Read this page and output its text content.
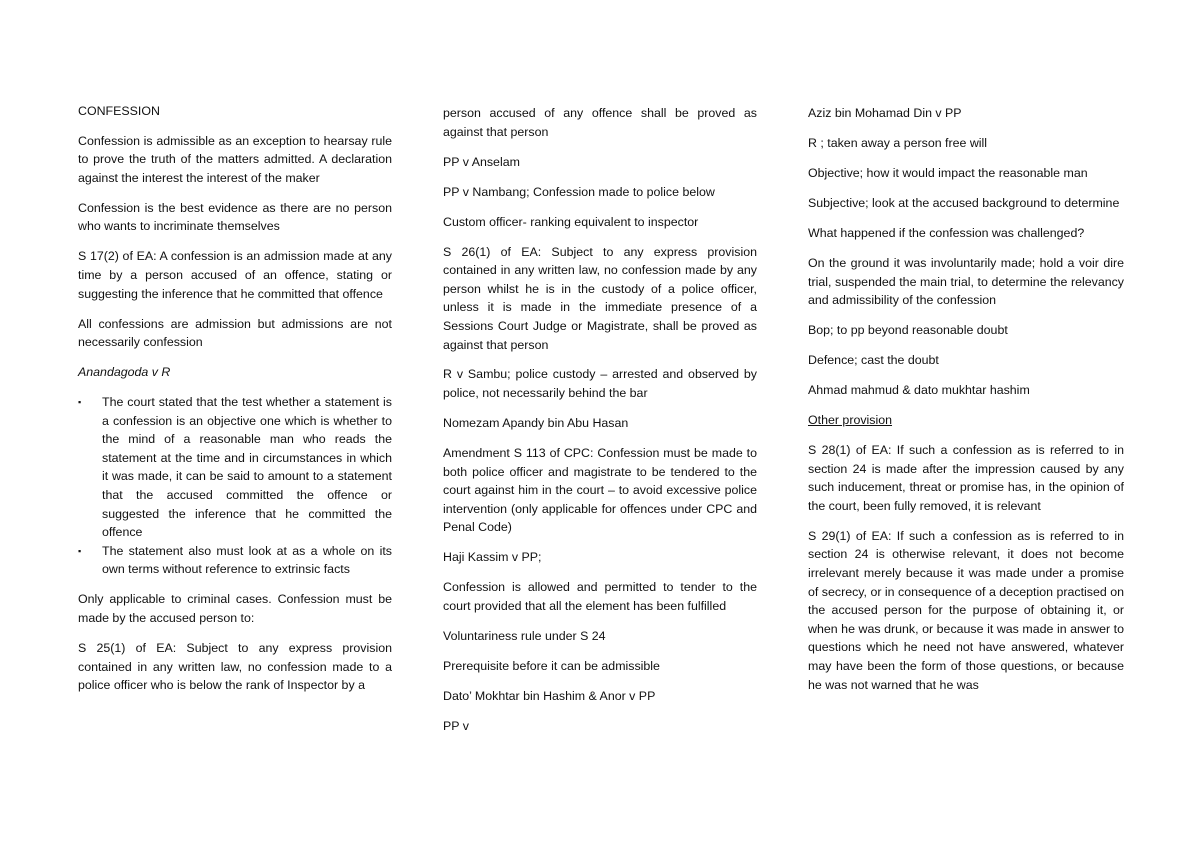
CONFESSION

Confession is admissible as an exception to hearsay rule to prove the truth of the matters admitted. A declaration against the interest the interest of the maker

Confession is the best evidence as there are no person who wants to incriminate themselves

S 17(2) of EA: A confession is an admission made at any time by a person accused of an offence, stating or suggesting the inference that he committed that offence

All confessions are admission but admissions are not necessarily confession

Anandagoda v R

▪ The court stated that the test whether a statement is a confession is an objective one which is whether to the mind of a reasonable man who reads the statement at the time and in circumstances in which it was made, it can be said to amount to a statement that the accused committed the offence or suggested the inference that he committed the offence
▪ The statement also must look at as a whole on its own terms without reference to extrinsic facts

Only applicable to criminal cases. Confession must be made by the accused person to:

S 25(1) of EA: Subject to any express provision contained in any written law, no confession made to a police officer who is below the rank of Inspector by a

person accused of any offence shall be proved as against that person

PP v Anselam

PP v Nambang; Confession made to police below

Custom officer- ranking equivalent to inspector

S 26(1) of EA: Subject to any express provision contained in any written law, no confession made by any person whilst he is in the custody of a police officer, unless it is made in the immediate presence of a Sessions Court Judge or Magistrate, shall be proved as against that person

R v Sambu; police custody – arrested and observed by police, not necessarily behind the bar

Nomezam Apandy bin Abu Hasan

Amendment S 113 of CPC: Confession must be made to both police officer and magistrate to be tendered to the court against him in the court – to avoid excessive police intervention (only applicable for offences under CPC and Penal Code)

Haji Kassim v PP;

Confession is allowed and permitted to tender to the court provided that all the element has been fulfilled

Voluntariness rule under S 24

Prerequisite before it can be admissible

Dato’ Mokhtar bin Hashim & Anor v PP

PP v

Aziz bin Mohamad Din v PP

R ; taken away a person free will

Objective; how it would impact the reasonable man

Subjective; look at the accused background to determine

What happened if the confession was challenged?

On the ground it was involuntarily made; hold a voir dire trial, suspended the main trial, to determine the relevancy and admissibility of the confession

Bop; to pp beyond reasonable doubt

Defence; cast the doubt

Ahmad mahmud & dato mukhtar hashim

Other provision

S 28(1) of EA: If such a confession as is referred to in section 24 is made after the impression caused by any such inducement, threat or promise has, in the opinion of the court, been fully removed, it is relevant

S 29(1) of EA: If such a confession as is referred to in section 24 is otherwise relevant, it does not become irrelevant merely because it was made under a promise of secrecy, or in consequence of a deception practised on the accused person for the purpose of obtaining it, or when he was drunk, or because it was made in answer to questions which he need not have answered, whatever may have been the form of those questions, or because he was not warned that he was
